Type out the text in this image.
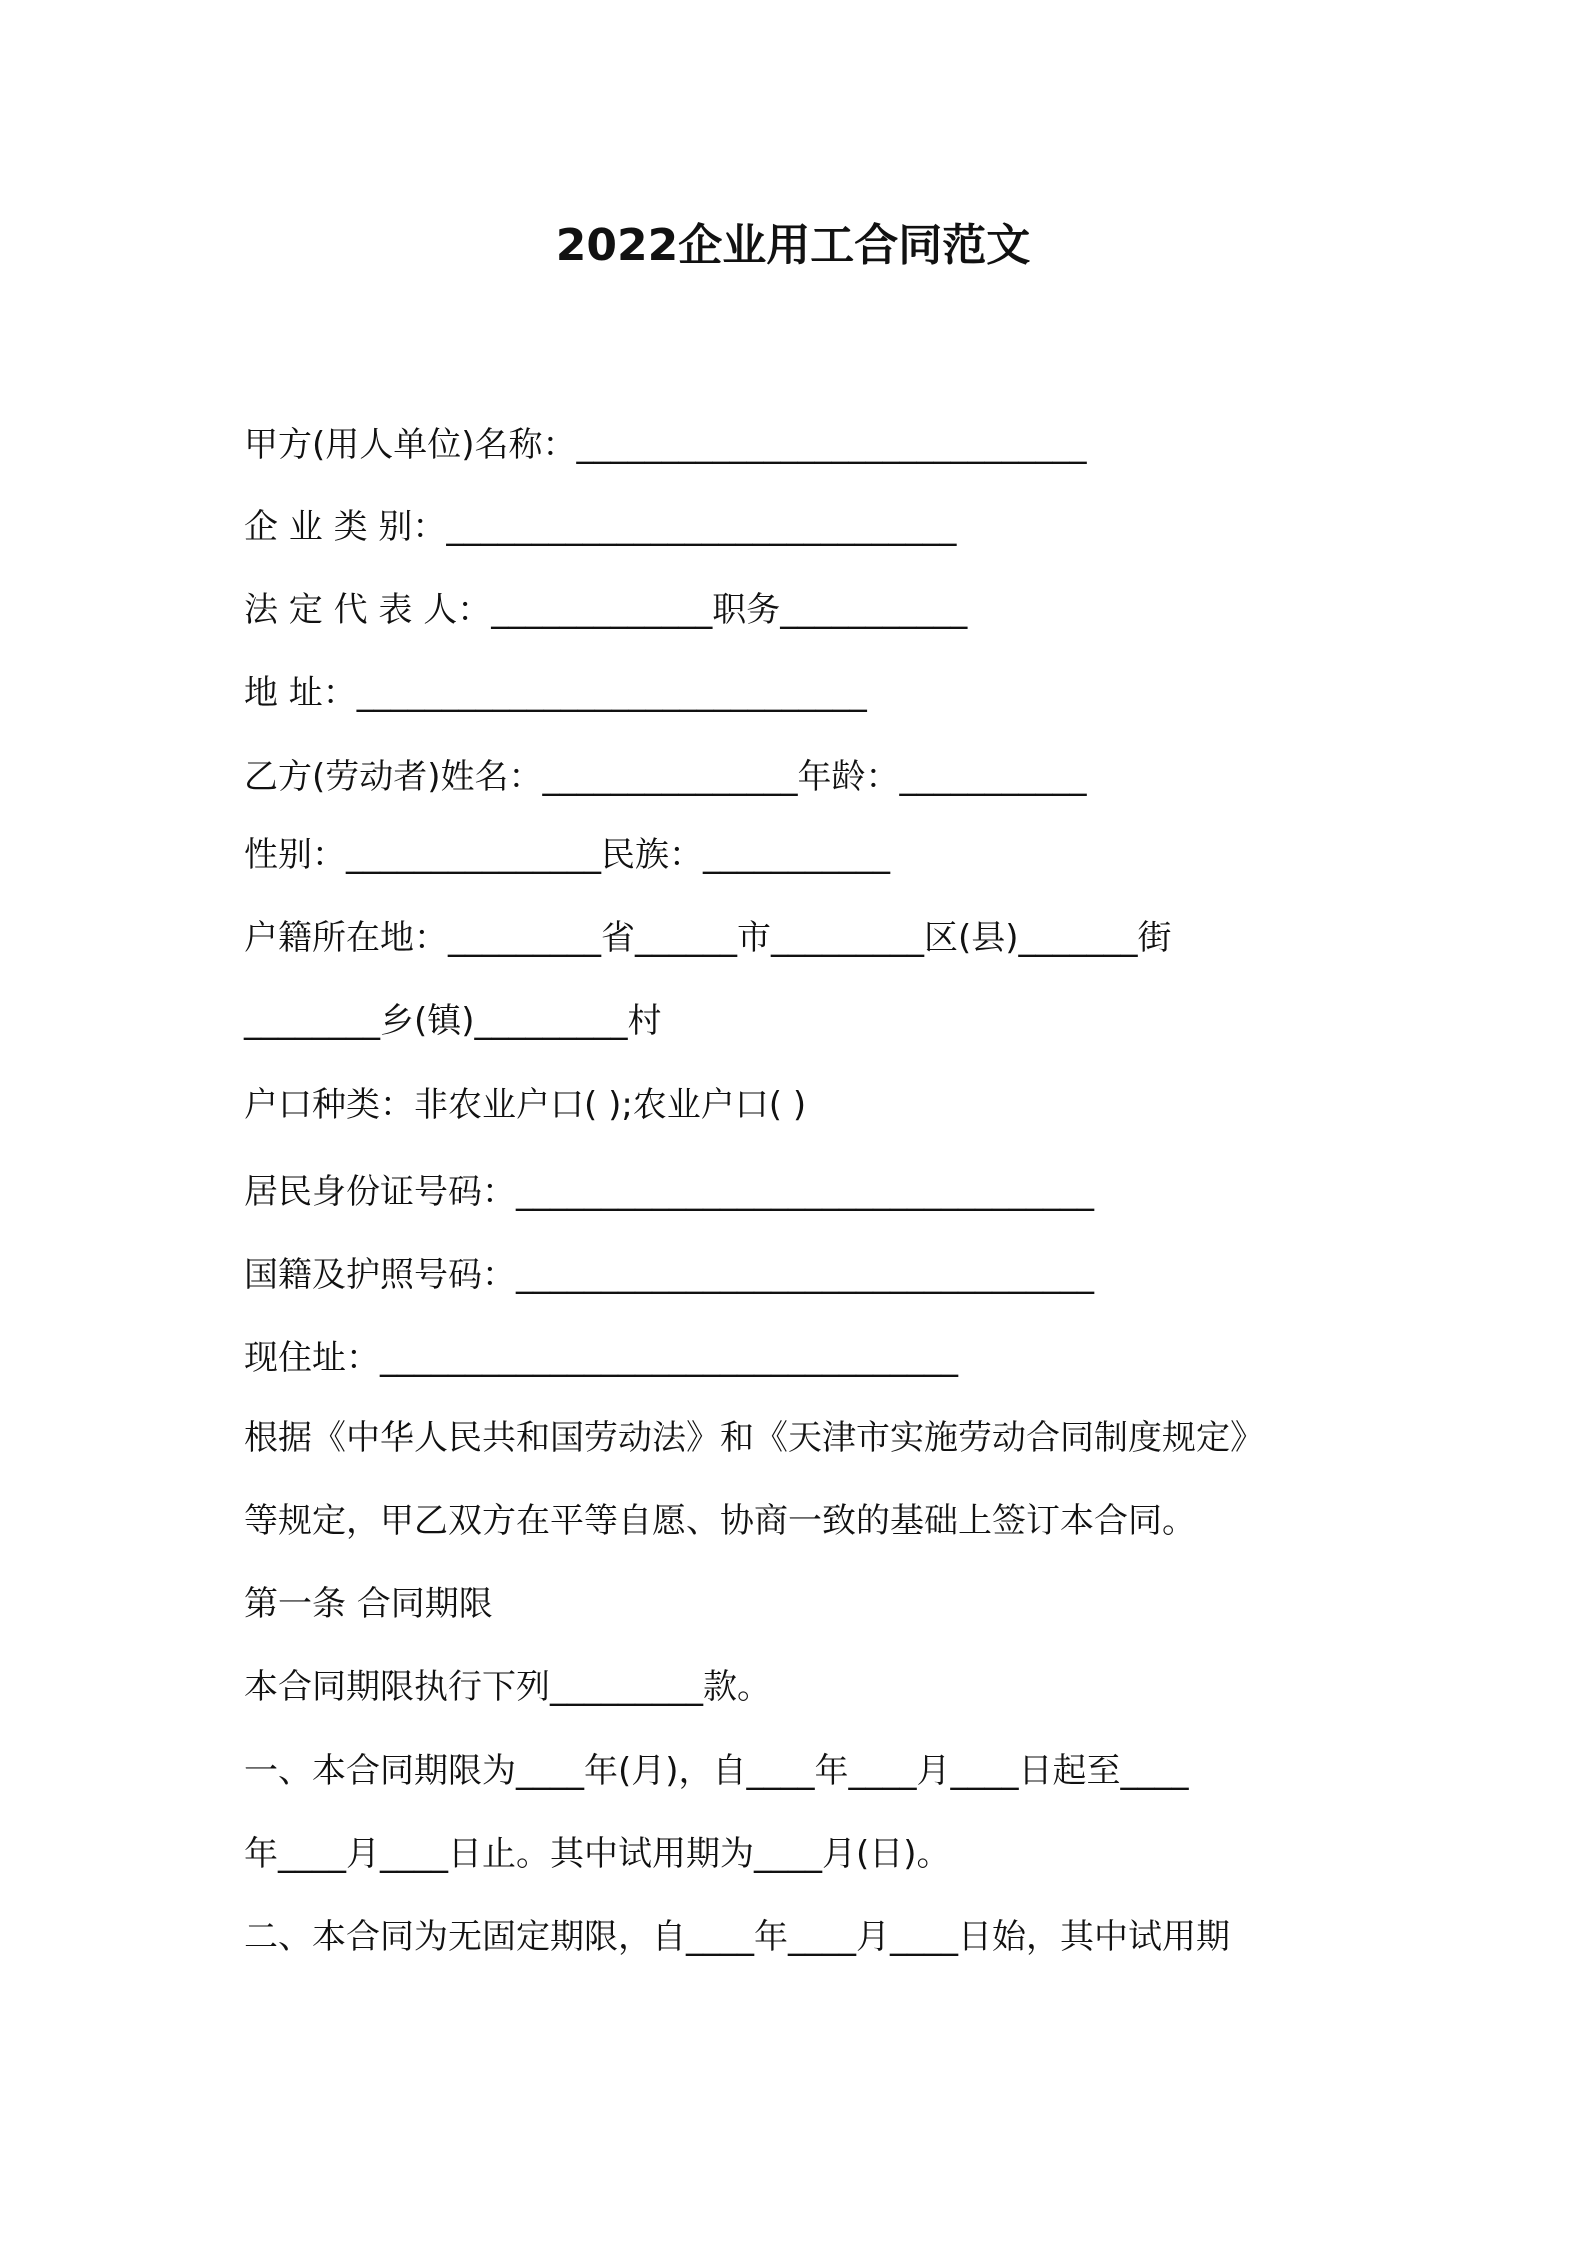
2022企业用工合同范文
甲方(用人单位)名称：______________________________
企 业 类 别：______________________________
法 定 代 表 人：_____________职务___________
地 址：______________________________
乙方(劳动者)姓名：_______________年龄：___________
性别：_______________民族：___________
户籍所在地：_________省______市_________区(县)_______街
________乡(镇)_________村
户口种类：非农业户口( );农业户口( )
居民身份证号码：__________________________________
国籍及护照号码：__________________________________
现住址：__________________________________
根据《中华人民共和国劳动法》和《天津市实施劳动合同制度规定》
等规定，甲乙双方在平等自愿、协商一致的基础上签订本合同。
第一条 合同期限
本合同期限执行下列_________款。
一、本合同期限为____年(月)，自____年____月____日起至____
年____月____日止。其中试用期为____月(日)。
二、本合同为无固定期限，自____年____月____日始，其中试用期
